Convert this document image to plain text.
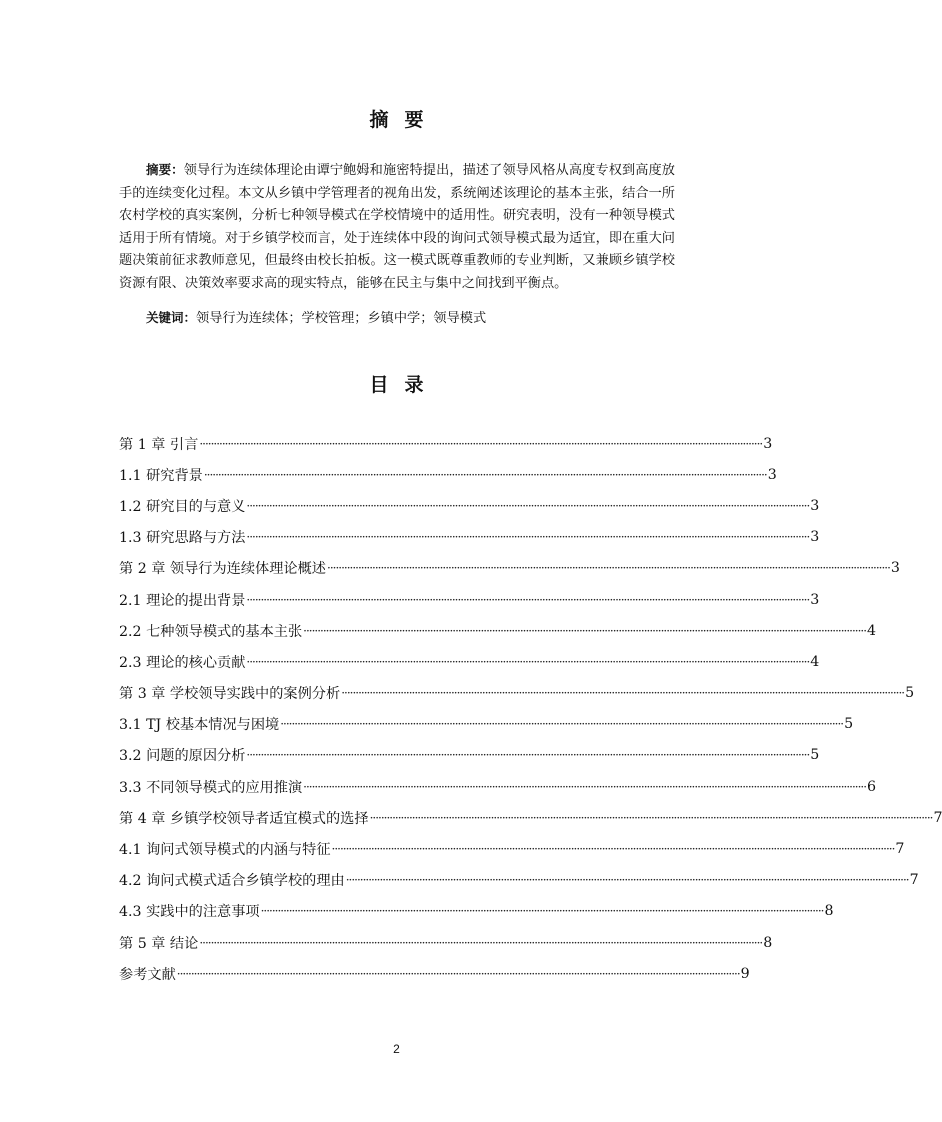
摘 要

摘要：领导行为连续体理论由谭宁鲍姆和施密特提出，描述了领导风格从高度专权到高度放手的连续变化过程。本文从乡镇中学管理者的视角出发，系统阐述该理论的基本主张，结合一所农村学校的真实案例，分析七种领导模式在学校情境中的适用性。研究表明，没有一种领导模式适用于所有情境。对于乡镇学校而言，处于连续体中段的询问式领导模式最为适宜，即在重大问题决策前征求教师意见，但最终由校长拍板。这一模式既尊重教师的专业判断，又兼顾乡镇学校资源有限、决策效率要求高的现实特点，能够在民主与集中之间找到平衡点。

关键词：领导行为连续体；学校管理；乡镇中学；领导模式

目 录
第 1 章 引言 ········································································································································································································ 3
1.1 研究背景 ········································································································································································································ 3
1.2 研究目的与意义 ········································································································································································································ 3
1.3 研究思路与方法 ········································································································································································································ 3
第 2 章 领导行为连续体理论概述 ········································································································································································································ 3
2.1 理论的提出背景 ········································································································································································································ 3
2.2 七种领导模式的基本主张 ········································································································································································································ 4
2.3 理论的核心贡献 ········································································································································································································ 4
第 3 章 学校领导实践中的案例分析 ········································································································································································································ 5
3.1 TJ 校基本情况与困境 ········································································································································································································ 5
3.2 问题的原因分析 ········································································································································································································ 5
3.3 不同领导模式的应用推演 ········································································································································································································ 6
第 4 章 乡镇学校领导者适宜模式的选择 ········································································································································································································ 7
4.1 询问式领导模式的内涵与特征 ········································································································································································································ 7
4.2 询问式模式适合乡镇学校的理由 ········································································································································································································ 7
4.3 实践中的注意事项 ········································································································································································································ 8
第 5 章 结论 ········································································································································································································ 8
参考文献 ········································································································································································································ 9
2
